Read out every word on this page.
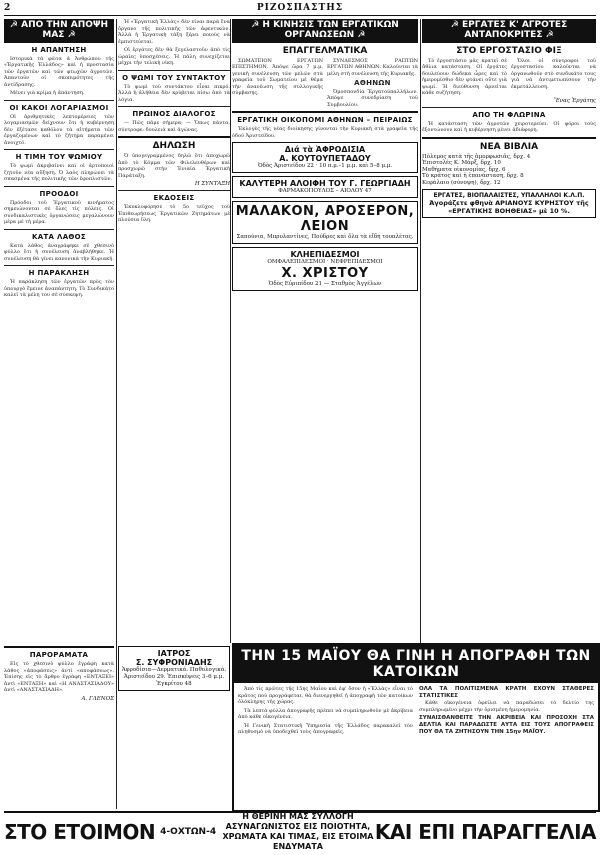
2	ΡΙΖΟΣΠΑΣΤΗΣ
☭ ΑΠΟ ΤΗΝ ΑΠΟΨΗ ΜΑΣ ☭
Η ΑΠΑΝΤΗΣΗ

Ιστορικὰ τὰ φῶτα ἀ Ἀνθρώπου τῆς «Ἐργατικῆς Ἑλλάδος» καὶ ἡ προστασία τῶν ἐργατῶν καὶ τῶν φτωχῶν ἀγροτῶν. Ἀπαντοῦν οἱ σκοπιμότητες τῆς ἀντίδρασης.

Μένει γιὰ κρίμα ἡ ἀπάντηση.

ΟΙ ΚΑΚΟΙ ΛΟΓΑΡΙΑΣΜΟΙ

Οἱ ἀριθμητικὲς λεπτομέρειες τῶν λογαριασμῶν δείχνουν ὅτι ἡ κυβέρνηση δὲν ἐξέτασε καθόλου τὰ αἰτήματα τῶν ἐργαζομένων καὶ τὸ ζήτημα παραμένει ἀνοιχτό.

Η ΤΙΜΗ ΤΟΥ ΨΩΜΙΟΥ

Τὸ ψωμὶ ἀκριβαίνει καὶ οἱ ἀρτοποιοὶ ζητοῦν νέα αὔξηση. Ὁ λαὸς πληρώνει τὰ σπασμένα τῆς πολιτικῆς τῶν ἐφοπλιστῶν.

ΠΡΟΟΔΟΙ

Πρόοδοι τοῦ Ἐργατικοῦ κινήματος σημειώνονται σὲ ὅλες τὶς πόλεις. Οἱ συνδικαλιστικὲς ὀργανώσεις μεγαλώνουν μέρα μὲ τὴ μέρα.

ΚΑΤΑ ΛΑΘΟΣ

Κατὰ λάθος ἀναγράφηκε σὲ χθεσινὸ φύλλο ὅτι ἡ συνέλευση ἀναβλήθηκε. Ἡ συνέλευση θὰ γίνει κανονικὰ τὴν Κυριακή.

Η ΠΑΡΑΚΛΗΣΗ

Ἡ παράκληση τῶν ἐργατῶν πρὸς τὸν ὑπουργὸ ἔμεινε ἀναπάντητη. Τὸ Συνδικάτο καλεῖ τὰ μέλη του σὲ σύσκεψη.

ΠΑΡΟΡΑΜΑΤΑ

Εἰς τὸ χθεσινὸ φύλλο ἐγράφη κατὰ λάθος «ἀποφάσεις» ἀντὶ «αποφάσεως». Ἐπίσης εἰς τὸ ἄρθρο ἐγράφη «ΕΝΤΑΞΕΙ» ἀντὶ «ΕΝΤΑΞΗ» καὶ «Η ΑΝΑΣΤΑΣΙΑΔΟΥ» ἀντὶ «ΑΝΑΣΤΑΣΙΑΔΗ».

Α. ΓΛΕΝΟΣ

Ἡ «Ἐργατικὴ Ἑλλὰς» δὲν εἶναι παρὰ ἕνα ὄργανο τῆς πολιτικῆς τῶν ἀφεντικῶν. Ἀλλὰ ἡ Ἑργατικὴ τάξη ξέρει ποιοὺς νὰ ἐμπιστεύεται.

Οἱ ἐργάτες δὲν θὰ ξεγελαστοῦν ἀπὸ τὶς ὡραῖες ὑποσχέσεις. Ἡ πάλη συνεχίζεται μέχρι τὴν τελικὴ νίκη.

Ο ΨΩΜΙ ΤΟΥ ΣΥΝΤΑΚΤΟΥ

Τὸ ψωμὶ τοῦ συντάκτου εἶναι πικρό. Ἀλλὰ ἡ ἀλήθεια δὲν κρύβεται πίσω ἀπὸ τὰ λόγια.

ΠΡΩΙΝΟΣ ΔΙΑΛΟΓΟΣ

— Πῶς πᾶμε σήμερα; — Ὅπως πάντα, σύντροφε: δουλειὰ καὶ ἀγώνας.

ΔΗΛΩΣΗ

Ὁ ὑπογεγραμμένος δηλῶ ὅτι ἀποχωρῶ ἀπὸ τὸ Κόμμα τῶν Φιλελευθέρων καὶ προσχωρῶ στὴν Ἑνιαία Ἐργατικὴ Παράταξη.

Η ΣΥΝΤΑΞΗ
ΕΚΔΟΣΕΙΣ

Ἐκυκλοφόρησε τὸ 5ο τεῦχος τοῦ Ἐπιθεωρήσεως Ἐργατικῶν Ζητημάτων μὲ πλούσια ὕλη.

ΙΑΤΡΟΣ
Σ. ΣΥΦΡΟΝΙΑΔΗΣ
Ἀφροδίσια—Δερματικά. Παθολογικά. Ἀριστείδου 29. Ἐπισκέψεις 3–6 μ.μ.
Ἐγκρίτου 48
☭ Η ΚΙΝΗΣΙΣ ΤΩΝ ΕΡΓΑΤΙΚΩΝ ΟΡΓΑΝΩΣΕΩΝ ☭
ΕΠΑΓΓΕΛΜΑΤΙΚΑ

ΣΩΜΑΤΕΙΟΝ ΕΡΓΑΤΩΝ ΕΠΙΣΤΗΜΟΝ. Ἀπόψε ὥρα 7 μ.μ. γενικὴ συνέλευση τῶν μελῶν στὰ γραφεῖα τοῦ Σωματείου μὲ θέμα τὴν ἀνανέωση τῆς συλλογικῆς σύμβασης.

ΣΥΝΔΕΣΜΟΣ ΡΑΠΤΩΝ ΕΡΓΑΤΩΝ ΑΘΗΝΩΝ. Καλοῦνται τὰ μέλη στὴ συνέλευση τῆς Κυριακῆς.

ΑΘΗΝΩΝ

Ὁμοσπονδία Ἐργατοϋπαλλήλων. Ἀπόψε συνεδρίαση τοῦ Συμβουλίου.

ΕΡΓΑΤΙΚΗ ΟΙΚΟΠΟΜΙ ΑΘΗΝΩΝ – ΠΕΙΡΑΙΩΣ

Ἐκλογὲς τῆς νέας διοίκησης γίνονται τὴν Κυριακὴ στὰ γραφεῖα τῆς ὁδοῦ Ἀριστείδου.

Διά τὰ ἈΦΡΟΔΙΣΙΑ
Α. ΚΟΥΤΟΥΠΕΤΑΔΟΥ
Ὁδὸς Ἀριστείδου 22 · 10 π.μ.–1 μ.μ. καὶ 5–8 μ.μ.
ΚΑΛΥΤΕΡΗ ΑΛΟΙΦΗ ΤΟΥ Γ. ΓΕΩΡΓΙΑΔΗ
ΦΑΡΜΑΚΟΠΟΥΛΟΣ – ΑΙΟΛΟΥ 47
ΜΑΛΑΚΟΝ, ΑΡΟΣΕΡΟΝ, ΛΕΙΟΝ
Σαπούνια, Μπρυλαντίνες, Πούδρες καὶ ὅλα τὰ εἴδη τουαλέτας.
ΚΛΗΕΠΙΔΕΣΜΟΙ
ΟΜΦΑΛΕΠΙΔΕΣΜΟΙ · ΝΕΦΡΕΠΙΔΕΣΜΟΙ
Χ. ΧΡΙΣΤΟΥ
Ὁδὸς Εὐριπίδου 21 — Σταθμὸς Ἀγγέλων
☭ ΕΡΓΑΤΕΣ Κ' ΑΓΡΟΤΕΣ ΑΝΤΑΠΟΚΡΙΤΕΣ ☭
ΣΤΟ ΕΡΓΟΣΤΑΣΙΟ ΦΙΞ

Τὸ ἐργοστάσιο μᾶς κρατεῖ σὲ ἄθλια κατάσταση. Οἱ ἐργάτες δουλεύουν δώδεκα ὧρες καὶ τὸ ἡμερομίσθιο δὲν φτάνει οὔτε γιὰ ψωμί. Ἡ διεύθυνση ἀρνεῖται κάθε συζήτηση.

Ὅλοι οἱ σύντροφοι τοῦ ἐργοστασίου καλοῦνται νὰ ὀργανωθοῦν στὸ συνδικάτο τους γιὰ νὰ ἀντιμετωπίσουν τὴν ἐκμετάλλευση.

Ἕνας Ἐργάτης
ΑΠΟ ΤΗ ΦΛΩΡΙΝΑ

Ἡ κατάσταση τῶν ἀγροτῶν χειροτερεύει. Οἱ φόροι τοὺς ἐξοντώνουν καὶ ἡ κυβέρνηση μένει ἀδιάφορη.

ΝΕΑ ΒΙΒΛΙΑ
Πόλεμος κατὰ τῆς ἀμορφωσιᾶς, δρχ. 4
Ἐπιστολὲς Κ. Μάρξ, δρχ. 10
Μαθήματα οἰκονομίας, δρχ. 6
Τὸ κράτος καὶ ἡ ἐπανάσταση, δρχ. 8
Κεφάλαιο (σύνοψη), δρχ. 12
ΕΡΓΑΤΕΣ, ΒΙΟΠΑΛΑΙΣΤΕΣ, ΥΠΑΛΛΗΛΟΙ Κ.Λ.Π.
Ἀγοράζετε φθηνὰ ΑΡΙΑΝΟΥΣ ΚΥΡΗΣΤΟΥ τῆς «ΕΡΓΑΤΙΚΗΣ ΒΟΗΘΕΙΑΣ» μὲ 10 %.
ΤΗΝ 15 ΜΑΪΟΥ ΘΑ ΓΙΝΗ Η ΑΠΟΓΡΑΦΗ ΤΩΝ ΚΑΤΟΙΚΩΝ

Ἀπὸ τὶς πρῶτες τῆς 15ης Μαΐου καὶ ἐφ' ὅσον ἡ «Ἑλλὰς» εἶναι τὸ κράτος ποὺ προγράφεται, θὰ διενεργηθεῖ ἡ ἀπογραφὴ τῶν κατοίκων ὁλόκληρης τῆς χώρας.

Τὰ λεπτὰ φύλλα ἀπογραφῆς πρέπει νὰ συμπληρωθοῦν μὲ ἀκρίβεια ἀπὸ κάθε οἰκογένεια.

Ἡ Γενικὴ Στατιστικὴ Ὑπηρεσία τῆς Ἑλλάδος παρακαλεῖ τὸν πληθυσμὸ νὰ ὑποδεχθεῖ τοὺς ἀπογραφεῖς.

ΟΛΑ ΤΑ ΠΟΛΙΤΙΣΜΕΝΑ ΚΡΑΤΗ ΕΧΟΥΝ ΣΤΑΘΕΡΕΣ ΣΤΑΤΙΣΤΙΚΕΣ

Κάθε οἰκογένεια ὀφείλει νὰ παραδώσει τὸ δελτίο της συμπληρωμένο μέχρι τὴν ὁρισμένη ἡμερομηνία.

ΣΥΝΑΙΣΘΑΝΘΕΙΤΕ ΤΗΝ ΑΚΡΙΒΕΙΑ ΚΑΙ ΠΡΟΣΟΧΗ ΣΤΑ ΔΕΛΤΙΑ ΚΑΙ ΠΑΡΑΔΩΣΤΕ ΑΥΤΑ ΕΙΣ ΤΟΥΣ ΑΠΟΓΡΑΦΕΙΣ ΠΟΥ ΘΑ ΤΑ ΖΗΤΗΣΟΥΝ ΤΗΝ 15ην ΜΑΪΟΥ.
ΣΤΟ ΕΤΟΙΜΟΝ 4-ΟΧΤΩΝ-4
Η ΘΕΡΙΝΗ ΜΑΣ ΣΥΛΛΟΓΗ ΑΣΥΝΑΓΩΝΙΣΤΟΣ ΕΙΣ ΠΟΙΟΤΗΤΑ, ΧΡΩΜΑΤΑ ΚΑΙ ΤΙΜΑΣ, ΕΙΣ ΕΤΟΙΜΑ ΕΝΔΥΜΑΤΑ
ΚΑΙ ΕΠΙ ΠΑΡΑΓΓΕΛΙΑ
